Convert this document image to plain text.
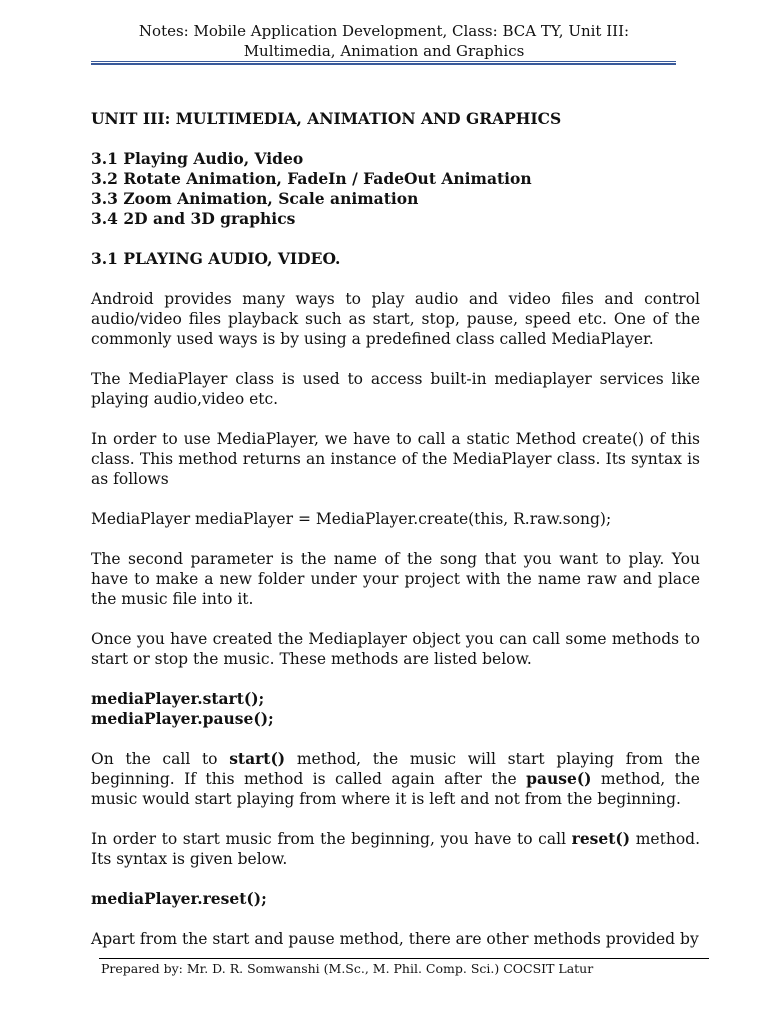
Notes: Mobile Application Development, Class: BCA TY, Unit III:
Multimedia, Animation and Graphics

UNIT III: MULTIMEDIA, ANIMATION AND GRAPHICS

3.1 Playing Audio, Video

3.2 Rotate Animation, FadeIn / FadeOut Animation

3.3 Zoom Animation, Scale animation

3.4 2D and 3D graphics

3.1 PLAYING AUDIO, VIDEO.

Android provides many ways to play audio and video files and control audio/video files playback such as start, stop, pause, speed etc. One of the commonly used ways is by using a predefined class called MediaPlayer.

The MediaPlayer class is used to access built-in mediaplayer services like playing audio,video etc.

In order to use MediaPlayer, we have to call a static Method create() of this class. This method returns an instance of the MediaPlayer class. Its syntax is as follows

MediaPlayer mediaPlayer = MediaPlayer.create(this, R.raw.song);

The second parameter is the name of the song that you want to play. You have to make a new folder under your project with the name raw and place the music file into it.

Once you have created the Mediaplayer object you can call some methods to start or stop the music. These methods are listed below.

mediaPlayer.start();

mediaPlayer.pause();

On the call to start() method, the music will start playing from the beginning. If this method is called again after the pause() method, the music would start playing from where it is left and not from the beginning.

In order to start music from the beginning, you have to call reset() method. Its syntax is given below.

mediaPlayer.reset();

Apart from the start and pause method, there are other methods provided by

Prepared by: Mr. D. R. Somwanshi (M.Sc., M. Phil. Comp. Sci.) COCSIT Latur
